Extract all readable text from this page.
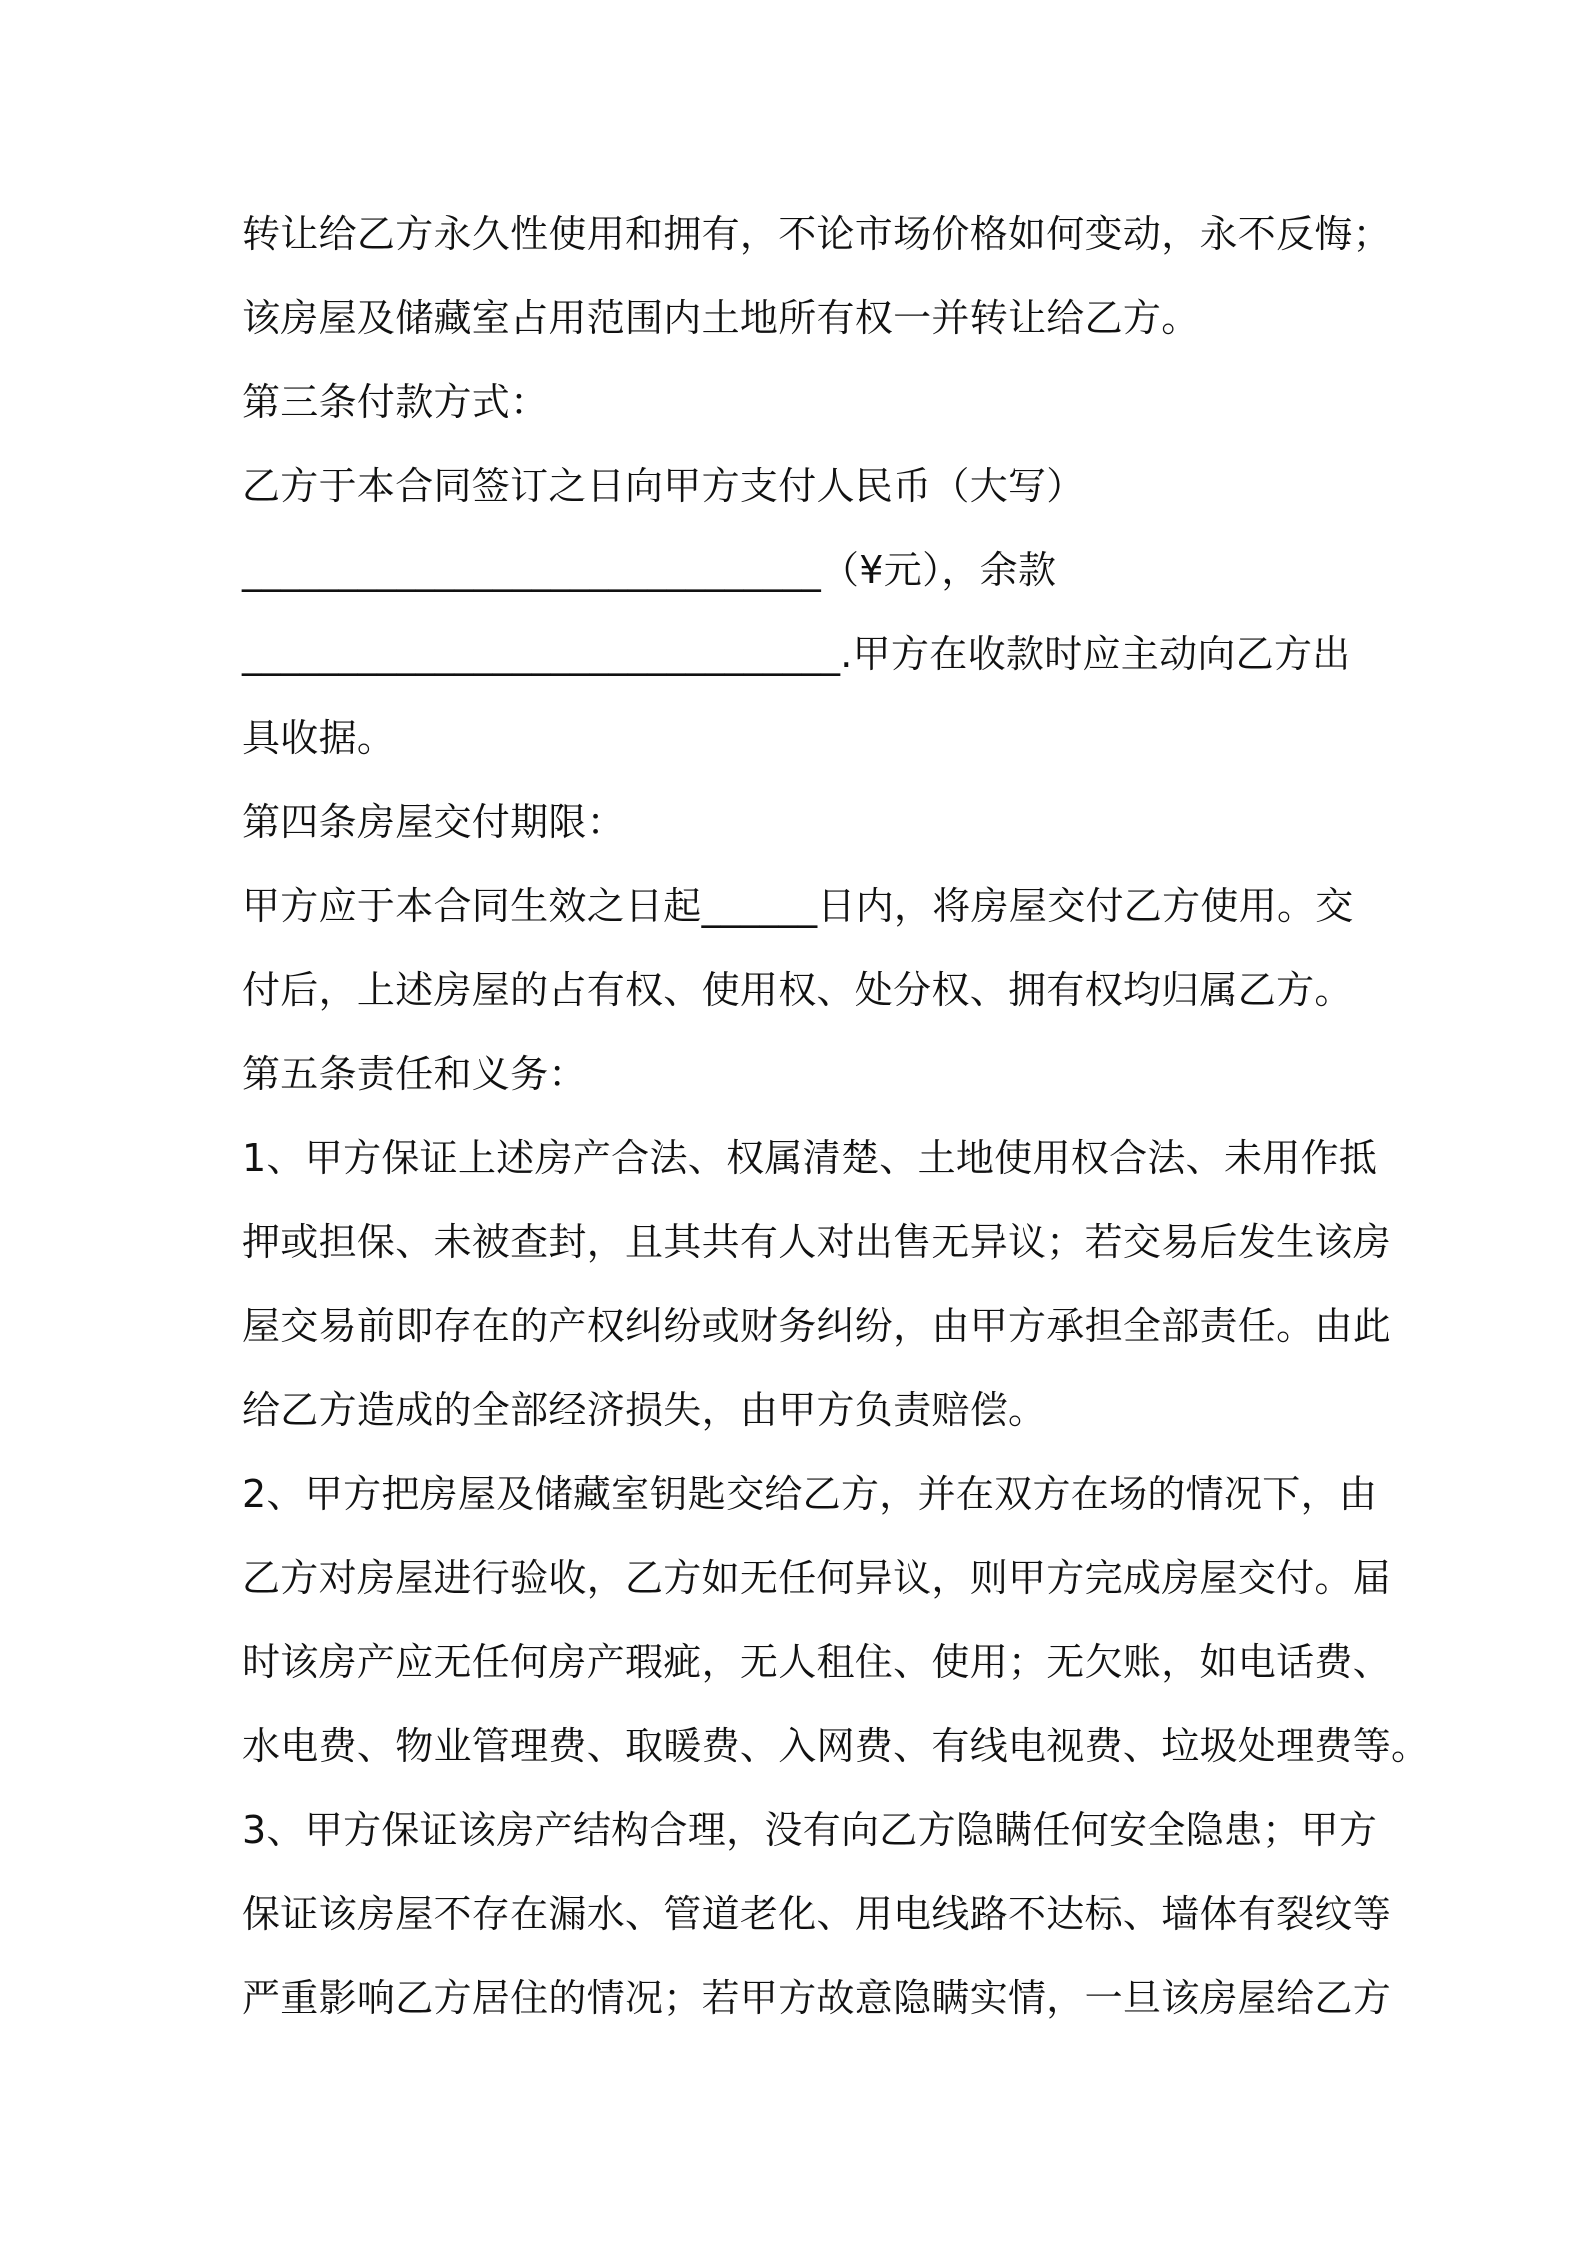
转让给乙方永久性使用和拥有，不论市场价格如何变动，永不反悔；
该房屋及储藏室占用范围内土地所有权一并转让给乙方。
第三条付款方式：
乙方于本合同签订之日向甲方支付人民币（大写）
______________________________（¥元），余款
_______________________________.甲方在收款时应主动向乙方出
具收据。
第四条房屋交付期限：
甲方应于本合同生效之日起______日内，将房屋交付乙方使用。交
付后，上述房屋的占有权、使用权、处分权、拥有权均归属乙方。
第五条责任和义务：
1、甲方保证上述房产合法、权属清楚、土地使用权合法、未用作抵
押或担保、未被查封，且其共有人对出售无异议；若交易后发生该房
屋交易前即存在的产权纠纷或财务纠纷，由甲方承担全部责任。由此
给乙方造成的全部经济损失，由甲方负责赔偿。
2、甲方把房屋及储藏室钥匙交给乙方，并在双方在场的情况下，由
乙方对房屋进行验收，乙方如无任何异议，则甲方完成房屋交付。届
时该房产应无任何房产瑕疵，无人租住、使用；无欠账，如电话费、
水电费、物业管理费、取暖费、入网费、有线电视费、垃圾处理费等。
3、甲方保证该房产结构合理，没有向乙方隐瞒任何安全隐患；甲方
保证该房屋不存在漏水、管道老化、用电线路不达标、墙体有裂纹等
严重影响乙方居住的情况；若甲方故意隐瞒实情，一旦该房屋给乙方
